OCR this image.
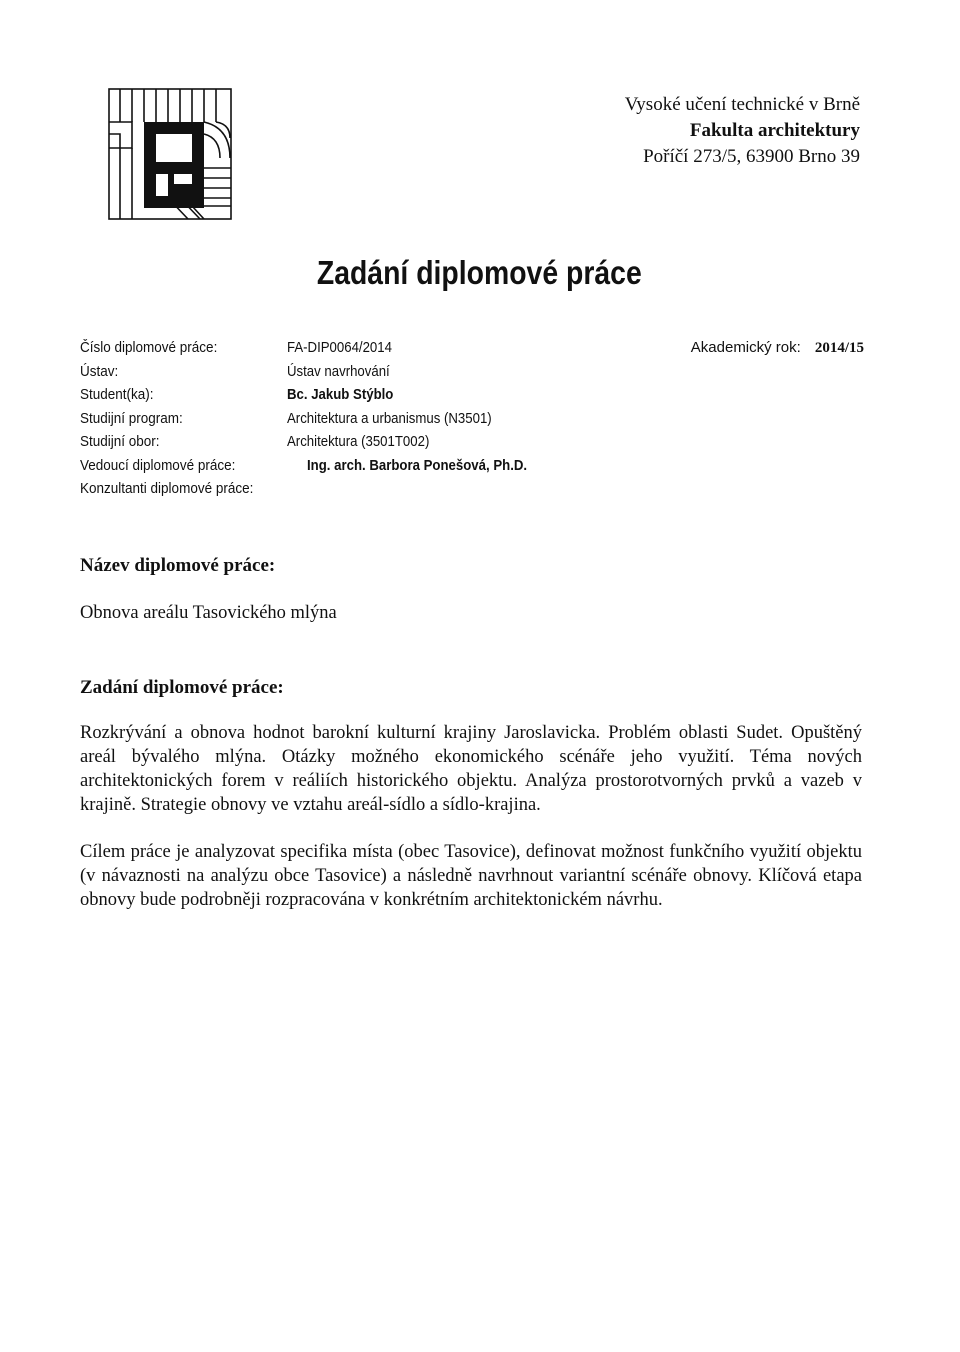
Vysoké učení technické v Brně
Fakulta architektury
Poříčí 273/5, 63900 Brno 39
Zadání diplomové práce
Číslo diplomové práce:	FA-DIP0064/2014
Ústav:	Ústav navrhování
Student(ka):	Bc. Jakub Stýblo
Studijní program:	Architektura a urbanismus (N3501)
Studijní obor:	Architektura (3501T002)
Vedoucí diplomové práce:	Ing. arch. Barbora Ponešová, Ph.D.
Konzultanti diplomové práce:
Akademický rok: 2014/15
Název diplomové práce:

Obnova areálu Tasovického mlýna

Zadání diplomové práce:

Rozkrývání a obnova hodnot barokní kulturní krajiny Jaroslavicka. Problém oblasti Sudet. Opuštěný areál bývalého mlýna. Otázky možného ekonomického scénáře jeho využití. Téma nových architektonických forem v reáliích historického objektu. Analýza prostorotvorných prvků a vazeb v krajině. Strategie obnovy ve vztahu areál-sídlo a sídlo-krajina.

Cílem práce je analyzovat specifika místa (obec Tasovice), definovat možnost funkčního využití objektu (v návaznosti na analýzu obce Tasovice) a následně navrhnout variantní scénáře obnovy. Klíčová etapa obnovy bude podrobněji rozpracována v konkrétním architektonickém návrhu.
